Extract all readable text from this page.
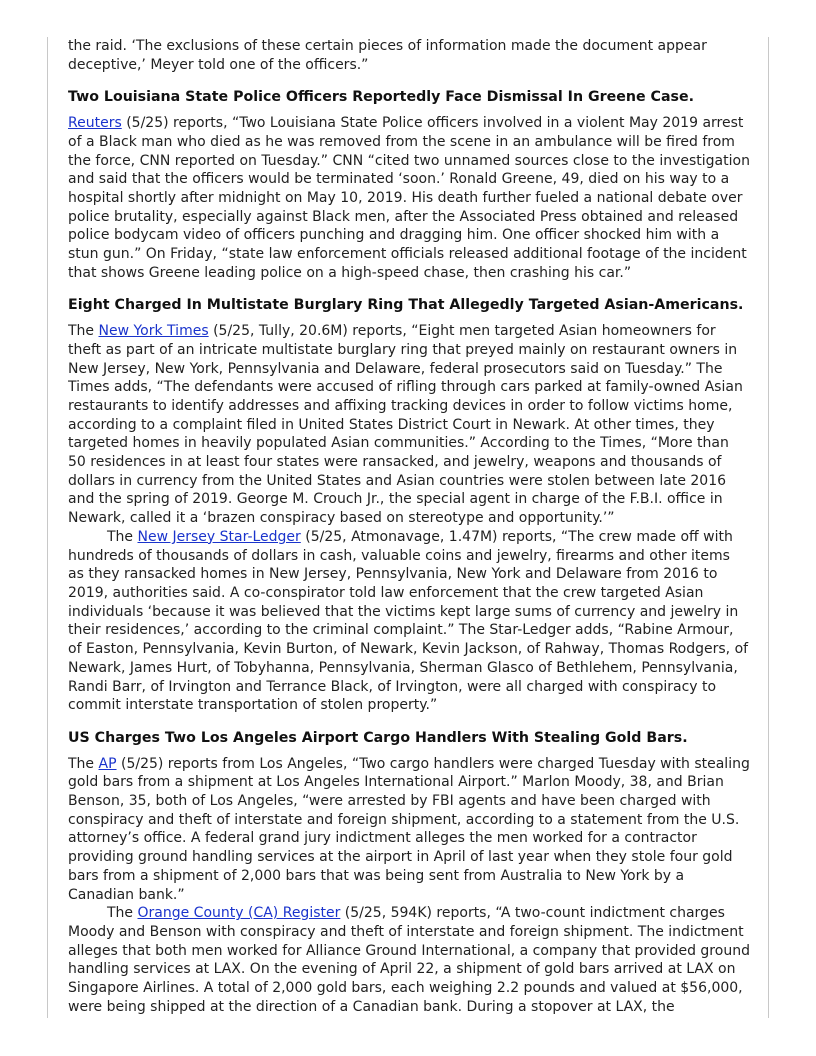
the raid. ‘The exclusions of these certain pieces of information made the document appear deceptive,’ Meyer told one of the officers.”

Two Louisiana State Police Officers Reportedly Face Dismissal In Greene Case.

Reuters (5/25) reports, “Two Louisiana State Police officers involved in a violent May 2019 arrest of a Black man who died as he was removed from the scene in an ambulance will be fired from the force, CNN reported on Tuesday.” CNN “cited two unnamed sources close to the investigation and said that the officers would be terminated ‘soon.’ Ronald Greene, 49, died on his way to a hospital shortly after midnight on May 10, 2019. His death further fueled a national debate over police brutality, especially against Black men, after the Associated Press obtained and released police bodycam video of officers punching and dragging him. One officer shocked him with a stun gun.” On Friday, “state law enforcement officials released additional footage of the incident that shows Greene leading police on a high-speed chase, then crashing his car.”

Eight Charged In Multistate Burglary Ring That Allegedly Targeted Asian-Americans.

The New York Times (5/25, Tully, 20.6M) reports, “Eight men targeted Asian homeowners for theft as part of an intricate multistate burglary ring that preyed mainly on restaurant owners in New Jersey, New York, Pennsylvania and Delaware, federal prosecutors said on Tuesday.” The Times adds, “The defendants were accused of rifling through cars parked at family-owned Asian restaurants to identify addresses and affixing tracking devices in order to follow victims home, according to a complaint filed in United States District Court in Newark. At other times, they targeted homes in heavily populated Asian communities.” According to the Times, “More than 50 residences in at least four states were ransacked, and jewelry, weapons and thousands of dollars in currency from the United States and Asian countries were stolen between late 2016 and the spring of 2019. George M. Crouch Jr., the special agent in charge of the F.B.I. office in Newark, called it a ‘brazen conspiracy based on stereotype and opportunity.’”

The New Jersey Star-Ledger (5/25, Atmonavage, 1.47M) reports, “The crew made off with hundreds of thousands of dollars in cash, valuable coins and jewelry, firearms and other items as they ransacked homes in New Jersey, Pennsylvania, New York and Delaware from 2016 to 2019, authorities said. A co-conspirator told law enforcement that the crew targeted Asian individuals ‘because it was believed that the victims kept large sums of currency and jewelry in their residences,’ according to the criminal complaint.” The Star-Ledger adds, “Rabine Armour, of Easton, Pennsylvania, Kevin Burton, of Newark, Kevin Jackson, of Rahway, Thomas Rodgers, of Newark, James Hurt, of Tobyhanna, Pennsylvania, Sherman Glasco of Bethlehem, Pennsylvania, Randi Barr, of Irvington and Terrance Black, of Irvington, were all charged with conspiracy to commit interstate transportation of stolen property.”

US Charges Two Los Angeles Airport Cargo Handlers With Stealing Gold Bars.

The AP (5/25) reports from Los Angeles, “Two cargo handlers were charged Tuesday with stealing gold bars from a shipment at Los Angeles International Airport.” Marlon Moody, 38, and Brian Benson, 35, both of Los Angeles, “were arrested by FBI agents and have been charged with conspiracy and theft of interstate and foreign shipment, according to a statement from the U.S. attorney’s office. A federal grand jury indictment alleges the men worked for a contractor providing ground handling services at the airport in April of last year when they stole four gold bars from a shipment of 2,000 bars that was being sent from Australia to New York by a Canadian bank.”

The Orange County (CA) Register (5/25, 594K) reports, “A two-count indictment charges Moody and Benson with conspiracy and theft of interstate and foreign shipment. The indictment alleges that both men worked for Alliance Ground International, a company that provided ground handling services at LAX. On the evening of April 22, a shipment of gold bars arrived at LAX on Singapore Airlines. A total of 2,000 gold bars, each weighing 2.2 pounds and valued at $56,000, were being shipped at the direction of a Canadian bank. During a stopover at LAX, the
